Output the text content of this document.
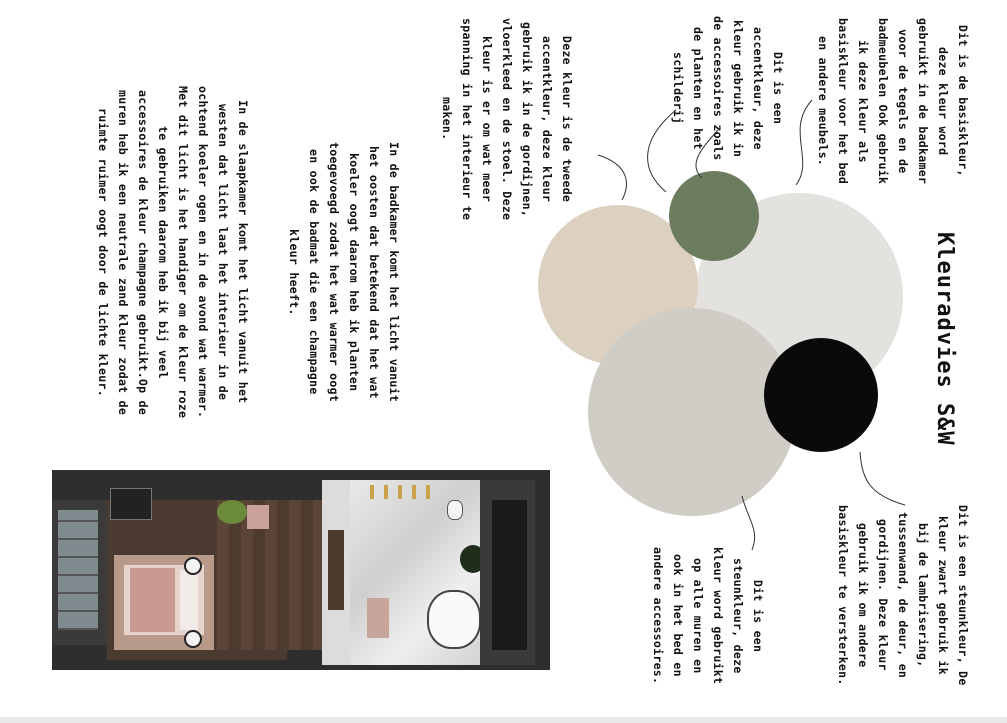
Kleuradvies S&W
Dit is de basiskleur,
deze kleur word
gebruikt in de badkamer
voor de tegels en de
badmeubelen Ook gebruik
ik deze kleur als
basiskleur voor het bed
en andere meubels.
Dit is een
accentkleur, deze
kleur gebruik ik in
de accessoires zoals
de planten en het
schilderij
Deze kleur is de tweede
accentkleur, deze kleur
gebruik ik in de gordijnen,
vloerkleed en de stoel. Deze
kleur is er om wat meer
spanning in het interieur te
maken.
In de badkamer komt het licht vanuit
het oosten dat betekend dat het wat
koeler oogt daarom heb ik planten
toegevoegd zodat het wat warmer oogt
en ook de badmat die een champagne
kleur heeft.
In de slaapkamer komt het licht vanuit het
westen dat licht laat het interieur in de
ochtend koeler ogen en in de avond wat warmer.
Met dit licht is het handiger om de kleur roze
te gebruiken daarom heb ik bij veel
accessoires de kleur champagne gebruikt.Op de
muren heb ik een neutrale zand kleur zodat de
ruimte ruimer oogt door de lichte kleur.
Dit is een steunkleur, De
kleur zwart gebruik ik
bij de lambrisering,
tussenwand, de deur, en
gordijnen. Deze kleur
gebruik ik om andere
basiskleur te versterken.
Dit is een
steunkleur, deze
kleur word gebruikt
op alle muren en
ook in het bed en
andere accessoires.
